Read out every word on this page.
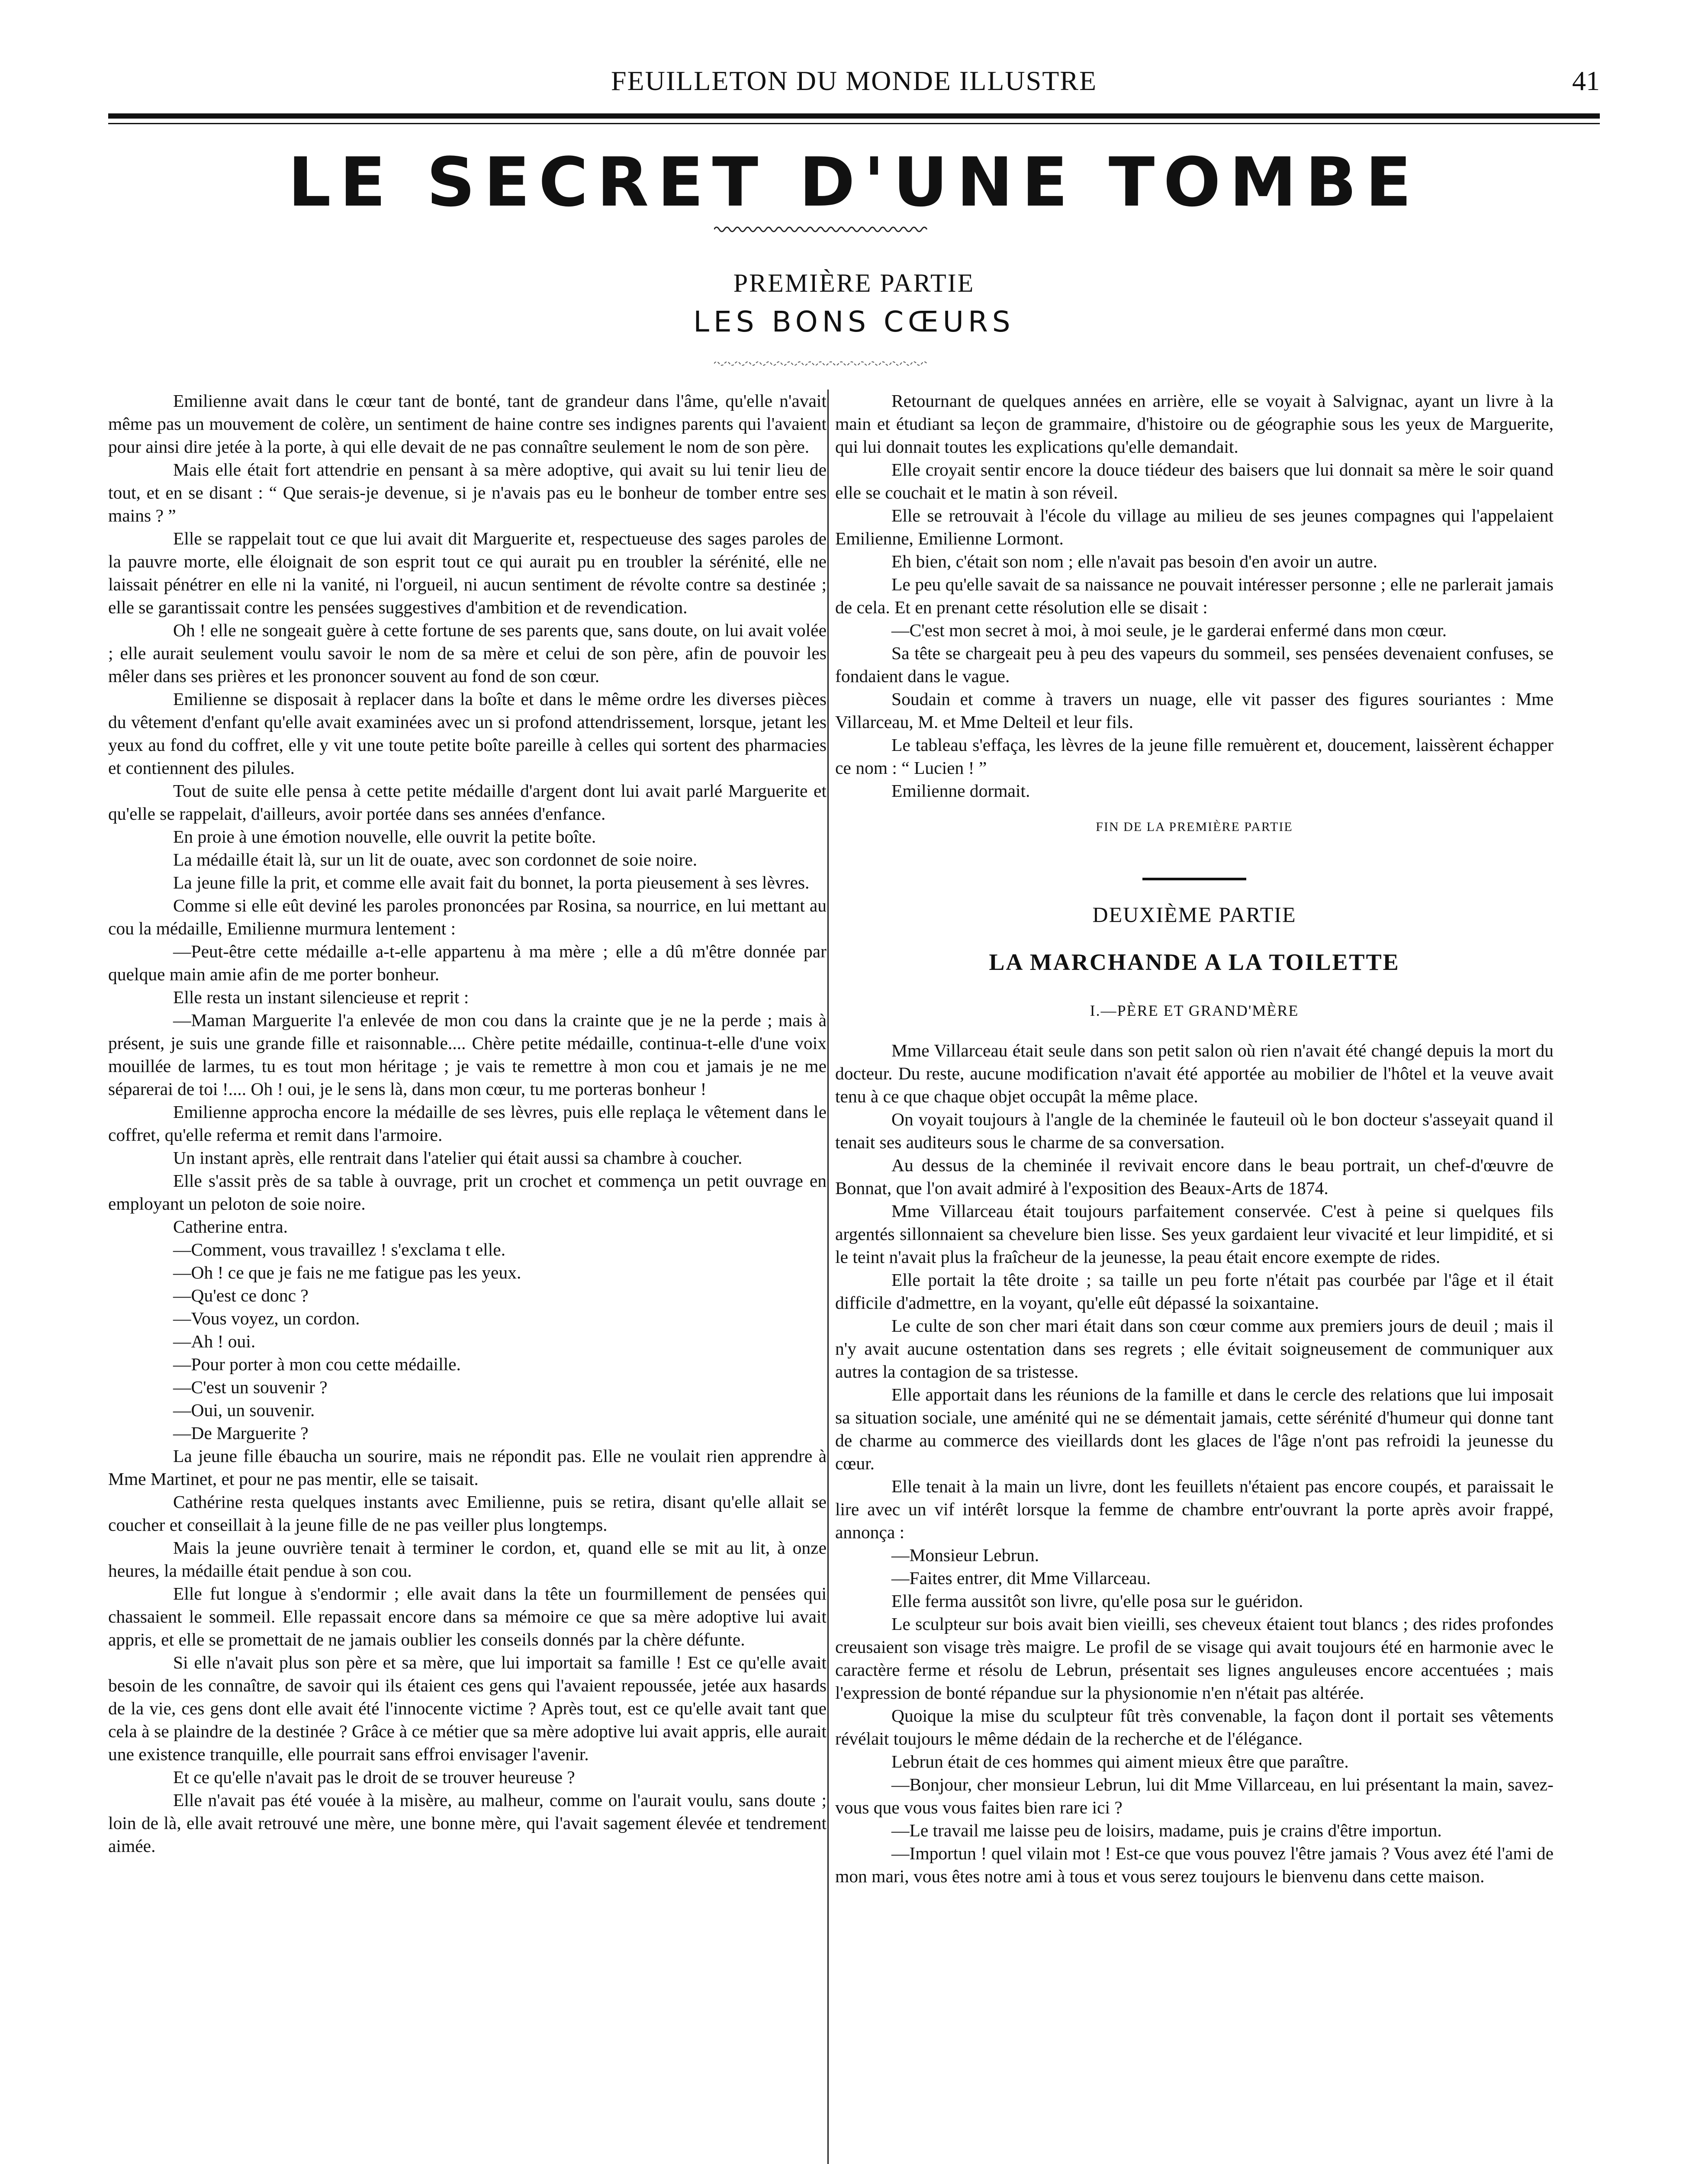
FEUILLETON DU MONDE ILLUSTRE	41
LE SECRET D'UNE TOMBE
PREMIÈRE PARTIE
LES BONS CŒURS

Emilienne avait dans le cœur tant de bonté, tant de grandeur dans l'âme, qu'elle n'avait même pas un mouvement de colère, un sentiment de haine contre ses indignes parents qui l'avaient pour ainsi dire jetée à la porte, à qui elle devait de ne pas connaître seulement le nom de son père.

Mais elle était fort attendrie en pensant à sa mère adoptive, qui avait su lui tenir lieu de tout, et en se disant : “ Que serais-je devenue, si je n'avais pas eu le bonheur de tomber entre ses mains ? ”

Elle se rappelait tout ce que lui avait dit Marguerite et, respectueuse des sages paroles de la pauvre morte, elle éloignait de son esprit tout ce qui aurait pu en troubler la sérénité, elle ne laissait pénétrer en elle ni la vanité, ni l'orgueil, ni aucun sentiment de révolte contre sa destinée ; elle se garantissait contre les pensées suggestives d'ambition et de revendication.

Oh ! elle ne songeait guère à cette fortune de ses parents que, sans doute, on lui avait volée ; elle aurait seulement voulu savoir le nom de sa mère et celui de son père, afin de pouvoir les mêler dans ses prières et les prononcer souvent au fond de son cœur.

Emilienne se disposait à replacer dans la boîte et dans le même ordre les diverses pièces du vêtement d'enfant qu'elle avait examinées avec un si profond attendrissement, lorsque, jetant les yeux au fond du coffret, elle y vit une toute petite boîte pareille à celles qui sortent des pharmacies et contiennent des pilules.

Tout de suite elle pensa à cette petite médaille d'argent dont lui avait parlé Marguerite et qu'elle se rappelait, d'ailleurs, avoir portée dans ses années d'enfance.

En proie à une émotion nouvelle, elle ouvrit la petite boîte.

La médaille était là, sur un lit de ouate, avec son cordonnet de soie noire.

La jeune fille la prit, et comme elle avait fait du bonnet, la porta pieusement à ses lèvres.

Comme si elle eût deviné les paroles prononcées par Rosina, sa nourrice, en lui mettant au cou la médaille, Emilienne murmura lentement :

—Peut-être cette médaille a-t-elle appartenu à ma mère ; elle a dû m'être donnée par quelque main amie afin de me porter bonheur.

Elle resta un instant silencieuse et reprit :

—Maman Marguerite l'a enlevée de mon cou dans la crainte que je ne la perde ; mais à présent, je suis une grande fille et raisonnable.... Chère petite médaille, continua-t-elle d'une voix mouillée de larmes, tu es tout mon héritage ; je vais te remettre à mon cou et jamais je ne me séparerai de toi !.... Oh ! oui, je le sens là, dans mon cœur, tu me porteras bonheur !

Emilienne approcha encore la médaille de ses lèvres, puis elle replaça le vêtement dans le coffret, qu'elle referma et remit dans l'armoire.

Un instant après, elle rentrait dans l'atelier qui était aussi sa chambre à coucher.

Elle s'assit près de sa table à ouvrage, prit un crochet et commença un petit ouvrage en employant un peloton de soie noire.

Catherine entra.

—Comment, vous travaillez ! s'exclama t elle.

—Oh ! ce que je fais ne me fatigue pas les yeux.

—Qu'est ce donc ?

—Vous voyez, un cordon.

—Ah ! oui.

—Pour porter à mon cou cette médaille.

—C'est un souvenir ?

—Oui, un souvenir.

—De Marguerite ?

La jeune fille ébaucha un sourire, mais ne répondit pas. Elle ne voulait rien apprendre à Mme Martinet, et pour ne pas mentir, elle se taisait.

Cathérine resta quelques instants avec Emilienne, puis se retira, disant qu'elle allait se coucher et conseillait à la jeune fille de ne pas veiller plus longtemps.

Mais la jeune ouvrière tenait à terminer le cordon, et, quand elle se mit au lit, à onze heures, la médaille était pendue à son cou.

Elle fut longue à s'endormir ; elle avait dans la tête un fourmillement de pensées qui chassaient le sommeil. Elle repassait encore dans sa mémoire ce que sa mère adoptive lui avait appris, et elle se promettait de ne jamais oublier les conseils donnés par la chère défunte.

Si elle n'avait plus son père et sa mère, que lui importait sa famille ! Est ce qu'elle avait besoin de les connaître, de savoir qui ils étaient ces gens qui l'avaient repoussée, jetée aux hasards de la vie, ces gens dont elle avait été l'innocente victime ? Après tout, est ce qu'elle avait tant que cela à se plaindre de la destinée ? Grâce à ce métier que sa mère adoptive lui avait appris, elle aurait une existence tranquille, elle pourrait sans effroi envisager l'avenir.

Et ce qu'elle n'avait pas le droit de se trouver heureuse ?

Elle n'avait pas été vouée à la misère, au malheur, comme on l'aurait voulu, sans doute ; loin de là, elle avait retrouvé une mère, une bonne mère, qui l'avait sagement élevée et tendrement aimée.

Retournant de quelques années en arrière, elle se voyait à Salvignac, ayant un livre à la main et étudiant sa leçon de grammaire, d'histoire ou de géographie sous les yeux de Marguerite, qui lui donnait toutes les explications qu'elle demandait.

Elle croyait sentir encore la douce tiédeur des baisers que lui donnait sa mère le soir quand elle se couchait et le matin à son réveil.

Elle se retrouvait à l'école du village au milieu de ses jeunes compagnes qui l'appelaient Emilienne, Emilienne Lormont.

Eh bien, c'était son nom ; elle n'avait pas besoin d'en avoir un autre.

Le peu qu'elle savait de sa naissance ne pouvait intéresser personne ; elle ne parlerait jamais de cela. Et en prenant cette résolution elle se disait :

—C'est mon secret à moi, à moi seule, je le garderai enfermé dans mon cœur.

Sa tête se chargeait peu à peu des vapeurs du sommeil, ses pensées devenaient confuses, se fondaient dans le vague.

Soudain et comme à travers un nuage, elle vit passer des figures souriantes : Mme Villarceau, M. et Mme Delteil et leur fils.

Le tableau s'effaça, les lèvres de la jeune fille remuèrent et, doucement, laissèrent échapper ce nom : “ Lucien ! ”

Emilienne dormait.

FIN DE LA PREMIÈRE PARTIE
DEUXIÈME PARTIE
LA MARCHANDE A LA TOILETTE
I.—PÈRE ET GRAND'MÈRE

Mme Villarceau était seule dans son petit salon où rien n'avait été changé depuis la mort du docteur. Du reste, aucune modification n'avait été apportée au mobilier de l'hôtel et la veuve avait tenu à ce que chaque objet occupât la même place.

On voyait toujours à l'angle de la cheminée le fauteuil où le bon docteur s'asseyait quand il tenait ses auditeurs sous le charme de sa conversation.

Au dessus de la cheminée il revivait encore dans le beau portrait, un chef-d'œuvre de Bonnat, que l'on avait admiré à l'exposition des Beaux-Arts de 1874.

Mme Villarceau était toujours parfaitement conservée. C'est à peine si quelques fils argentés sillonnaient sa chevelure bien lisse. Ses yeux gardaient leur vivacité et leur limpidité, et si le teint n'avait plus la fraîcheur de la jeunesse, la peau était encore exempte de rides.

Elle portait la tête droite ; sa taille un peu forte n'était pas courbée par l'âge et il était difficile d'admettre, en la voyant, qu'elle eût dépassé la soixantaine.

Le culte de son cher mari était dans son cœur comme aux premiers jours de deuil ; mais il n'y avait aucune ostentation dans ses regrets ; elle évitait soigneusement de communiquer aux autres la contagion de sa tristesse.

Elle apportait dans les réunions de la famille et dans le cercle des relations que lui imposait sa situation sociale, une aménité qui ne se démentait jamais, cette sérénité d'humeur qui donne tant de charme au commerce des vieillards dont les glaces de l'âge n'ont pas refroidi la jeunesse du cœur.

Elle tenait à la main un livre, dont les feuillets n'étaient pas encore coupés, et paraissait le lire avec un vif intérêt lorsque la femme de chambre entr'ouvrant la porte après avoir frappé, annonça :

—Monsieur Lebrun.

—Faites entrer, dit Mme Villarceau.

Elle ferma aussitôt son livre, qu'elle posa sur le guéridon.

Le sculpteur sur bois avait bien vieilli, ses cheveux étaient tout blancs ; des rides profondes creusaient son visage très maigre. Le profil de se visage qui avait toujours été en harmonie avec le caractère ferme et résolu de Lebrun, présentait ses lignes anguleuses encore accentuées ; mais l'expression de bonté répandue sur la physionomie n'en n'était pas altérée.

Quoique la mise du sculpteur fût très convenable, la façon dont il portait ses vêtements révélait toujours le même dédain de la recherche et de l'élégance.

Lebrun était de ces hommes qui aiment mieux être que paraître.

—Bonjour, cher monsieur Lebrun, lui dit Mme Villarceau, en lui présentant la main, savez-vous que vous vous faites bien rare ici ?

—Le travail me laisse peu de loisirs, madame, puis je crains d'être importun.

—Importun ! quel vilain mot ! Est-ce que vous pouvez l'être jamais ? Vous avez été l'ami de mon mari, vous êtes notre ami à tous et vous serez toujours le bienvenu dans cette maison.
